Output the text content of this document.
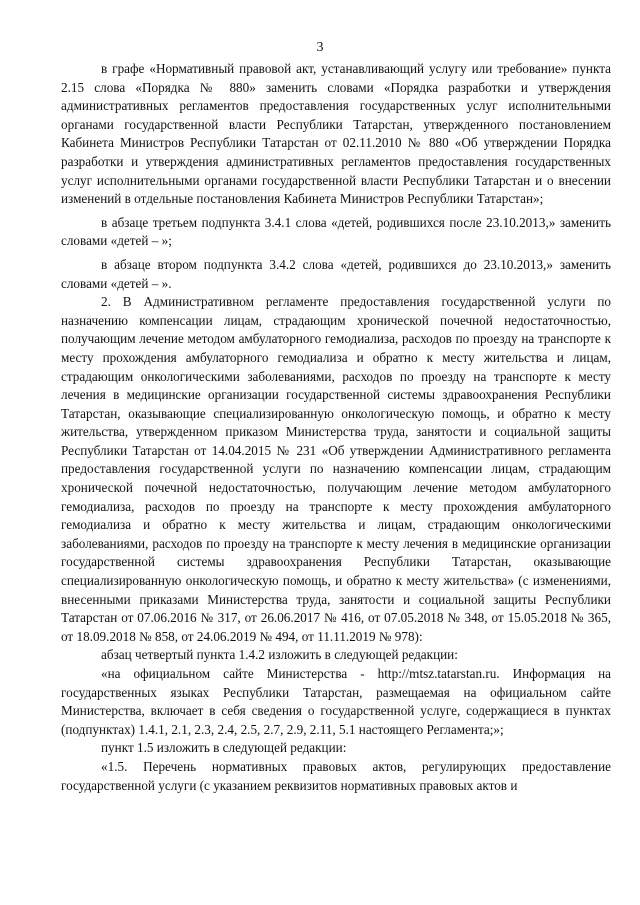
3

в графе «Нормативный правовой акт, устанавливающий услугу или требование» пункта 2.15 слова «Порядка № 880» заменить словами «Порядка разработки и утверждения административных регламентов предоставления государственных услуг исполнительными органами государственной власти Республики Татарстан, утвержденного постановлением Кабинета Министров Республики Татарстан от 02.11.2010 № 880 «Об утверждении Порядка разработки и утверждения административных регламентов предоставления государственных услуг исполнительными органами государственной власти Республики Татарстан и о внесении изменений в отдельные постановления Кабинета Министров Республики Татарстан»;

в абзаце третьем подпункта 3.4.1 слова «детей, родившихся после 23.10.2013,» заменить словами «детей – »;

в абзаце втором подпункта 3.4.2 слова «детей, родившихся до 23.10.2013,» заменить словами «детей – ».

2. В Административном регламенте предоставления государственной услуги по назначению компенсации лицам, страдающим хронической почечной недостаточностью, получающим лечение методом амбулаторного гемодиализа, расходов по проезду на транспорте к месту прохождения амбулаторного гемодиализа и обратно к месту жительства и лицам, страдающим онкологическими заболеваниями, расходов по проезду на транспорте к месту лечения в медицинские организации государственной системы здравоохранения Республики Татарстан, оказывающие специализированную онкологическую помощь, и обратно к месту жительства, утвержденном приказом Министерства труда, занятости и социальной защиты Республики Татарстан от 14.04.2015 № 231 «Об утверждении Административного регламента предоставления государственной услуги по назначению компенсации лицам, страдающим хронической почечной недостаточностью, получающим лечение методом амбулаторного гемодиализа, расходов по проезду на транспорте к месту прохождения амбулаторного гемодиализа и обратно к месту жительства и лицам, страдающим онкологическими заболеваниями, расходов по проезду на транспорте к месту лечения в медицинские организации государственной системы здравоохранения Республики Татарстан, оказывающие специализированную онкологическую помощь, и обратно к месту жительства» (с изменениями, внесенными приказами Министерства труда, занятости и социальной защиты Республики Татарстан от 07.06.2016 № 317, от 26.06.2017 № 416, от 07.05.2018 № 348, от 15.05.2018 № 365, от 18.09.2018 № 858, от 24.06.2019 № 494, от 11.11.2019 № 978):

абзац четвертый пункта 1.4.2 изложить в следующей редакции:

«на официальном сайте Министерства - http://mtsz.tatarstan.ru. Информация на государственных языках Республики Татарстан, размещаемая на официальном сайте Министерства, включает в себя сведения о государственной услуге, содержащиеся в пунктах (подпунктах) 1.4.1, 2.1, 2.3, 2.4, 2.5, 2.7, 2.9, 2.11, 5.1 настоящего Регламента;»;

пункт 1.5 изложить в следующей редакции:

«1.5. Перечень нормативных правовых актов, регулирующих предоставление государственной услуги (с указанием реквизитов нормативных правовых актов и
